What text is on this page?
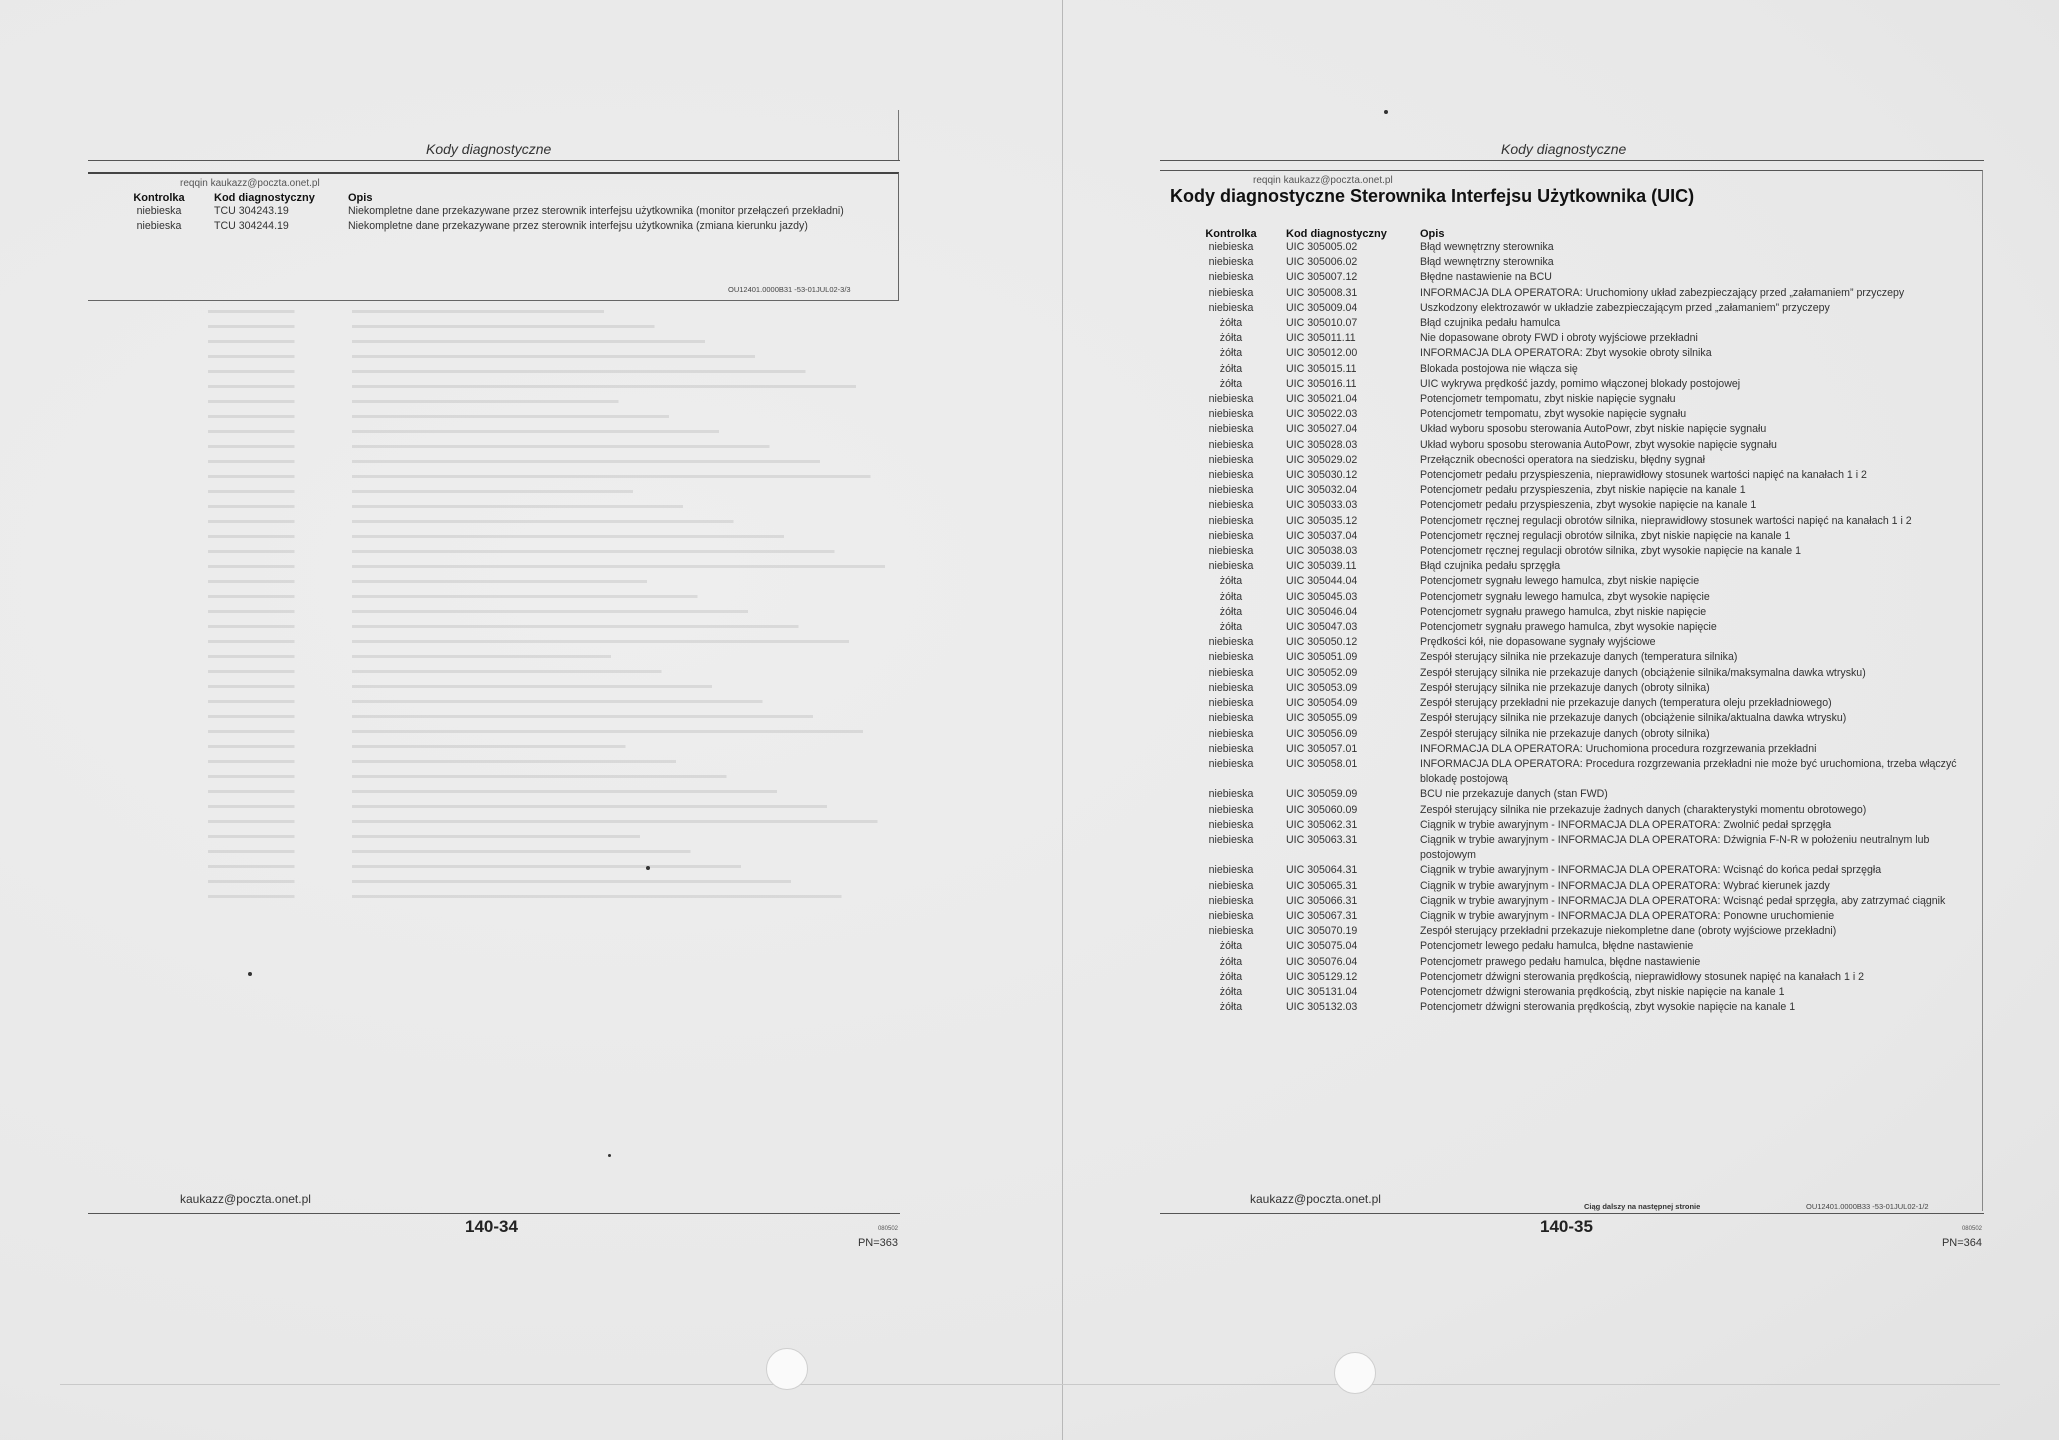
Kody diagnostyczne
reqqin kaukazz@poczta.onet.pl
Kontrolka	Kod diagnostyczny	Opis
niebieska	TCU 304243.19	Niekompletne dane przekazywane przez sterownik interfejsu użytkownika (monitor przełączeń przekładni)
niebieska	TCU 304244.19	Niekompletne dane przekazywane przez sterownik interfejsu użytkownika (zmiana kierunku jazdy)
OU12401.0000B31 -53-01JUL02-3/3
kaukazz@poczta.onet.pl
140-34	080502
PN=363
Kody diagnostyczne
reqqin kaukazz@poczta.onet.pl
Kody diagnostyczne Sterownika Interfejsu Użytkownika (UIC)
Kontrolka	Kod diagnostyczny	Opis
niebieska	UIC 305005.02	Błąd wewnętrzny sterownika
niebieska	UIC 305006.02	Błąd wewnętrzny sterownika
niebieska	UIC 305007.12	Błędne nastawienie na BCU
niebieska	UIC 305008.31	INFORMACJA DLA OPERATORA: Uruchomiony układ zabezpieczający przed „załamaniem” przyczepy
niebieska	UIC 305009.04	Uszkodzony elektrozawór w układzie zabezpieczającym przed „załamaniem” przyczepy
żółta	UIC 305010.07	Błąd czujnika pedału hamulca
żółta	UIC 305011.11	Nie dopasowane obroty FWD i obroty wyjściowe przekładni
żółta	UIC 305012.00	INFORMACJA DLA OPERATORA: Zbyt wysokie obroty silnika
żółta	UIC 305015.11	Blokada postojowa nie włącza się
żółta	UIC 305016.11	UIC wykrywa prędkość jazdy, pomimo włączonej blokady postojowej
niebieska	UIC 305021.04	Potencjometr tempomatu, zbyt niskie napięcie sygnału
niebieska	UIC 305022.03	Potencjometr tempomatu, zbyt wysokie napięcie sygnału
niebieska	UIC 305027.04	Układ wyboru sposobu sterowania AutoPowr, zbyt niskie napięcie sygnału
niebieska	UIC 305028.03	Układ wyboru sposobu sterowania AutoPowr, zbyt wysokie napięcie sygnału
niebieska	UIC 305029.02	Przełącznik obecności operatora na siedzisku, błędny sygnał
niebieska	UIC 305030.12	Potencjometr pedału przyspieszenia, nieprawidłowy stosunek wartości napięć na kanałach 1 i 2
niebieska	UIC 305032.04	Potencjometr pedału przyspieszenia, zbyt niskie napięcie na kanale 1
niebieska	UIC 305033.03	Potencjometr pedału przyspieszenia, zbyt wysokie napięcie na kanale 1
niebieska	UIC 305035.12	Potencjometr ręcznej regulacji obrotów silnika, nieprawidłowy stosunek wartości napięć na kanałach 1 i 2
niebieska	UIC 305037.04	Potencjometr ręcznej regulacji obrotów silnika, zbyt niskie napięcie na kanale 1
niebieska	UIC 305038.03	Potencjometr ręcznej regulacji obrotów silnika, zbyt wysokie napięcie na kanale 1
niebieska	UIC 305039.11	Błąd czujnika pedału sprzęgła
żółta	UIC 305044.04	Potencjometr sygnału lewego hamulca, zbyt niskie napięcie
żółta	UIC 305045.03	Potencjometr sygnału lewego hamulca, zbyt wysokie napięcie
żółta	UIC 305046.04	Potencjometr sygnału prawego hamulca, zbyt niskie napięcie
żółta	UIC 305047.03	Potencjometr sygnału prawego hamulca, zbyt wysokie napięcie
niebieska	UIC 305050.12	Prędkości kół, nie dopasowane sygnały wyjściowe
niebieska	UIC 305051.09	Zespół sterujący silnika nie przekazuje danych (temperatura silnika)
niebieska	UIC 305052.09	Zespół sterujący silnika nie przekazuje danych (obciążenie silnika/maksymalna dawka wtrysku)
niebieska	UIC 305053.09	Zespół sterujący silnika nie przekazuje danych (obroty silnika)
niebieska	UIC 305054.09	Zespół sterujący przekładni nie przekazuje danych (temperatura oleju przekładniowego)
niebieska	UIC 305055.09	Zespół sterujący silnika nie przekazuje danych (obciążenie silnika/aktualna dawka wtrysku)
niebieska	UIC 305056.09	Zespół sterujący silnika nie przekazuje danych (obroty silnika)
niebieska	UIC 305057.01	INFORMACJA DLA OPERATORA: Uruchomiona procedura rozgrzewania przekładni
niebieska	UIC 305058.01	INFORMACJA DLA OPERATORA: Procedura rozgrzewania przekładni nie może być uruchomiona, trzeba włączyć blokadę postojową
niebieska	UIC 305059.09	BCU nie przekazuje danych (stan FWD)
niebieska	UIC 305060.09	Zespół sterujący silnika nie przekazuje żadnych danych (charakterystyki momentu obrotowego)
niebieska	UIC 305062.31	Ciągnik w trybie awaryjnym - INFORMACJA DLA OPERATORA: Zwolnić pedał sprzęgła
niebieska	UIC 305063.31	Ciągnik w trybie awaryjnym - INFORMACJA DLA OPERATORA: Dźwignia F-N-R w położeniu neutralnym lub postojowym
niebieska	UIC 305064.31	Ciągnik w trybie awaryjnym - INFORMACJA DLA OPERATORA: Wcisnąć do końca pedał sprzęgła
niebieska	UIC 305065.31	Ciągnik w trybie awaryjnym - INFORMACJA DLA OPERATORA: Wybrać kierunek jazdy
niebieska	UIC 305066.31	Ciągnik w trybie awaryjnym - INFORMACJA DLA OPERATORA: Wcisnąć pedał sprzęgła, aby zatrzymać ciągnik
niebieska	UIC 305067.31	Ciągnik w trybie awaryjnym - INFORMACJA DLA OPERATORA: Ponowne uruchomienie
niebieska	UIC 305070.19	Zespół sterujący przekładni przekazuje niekompletne dane (obroty wyjściowe przekładni)
żółta	UIC 305075.04	Potencjometr lewego pedału hamulca, błędne nastawienie
żółta	UIC 305076.04	Potencjometr prawego pedału hamulca, błędne nastawienie
żółta	UIC 305129.12	Potencjometr dźwigni sterowania prędkością, nieprawidłowy stosunek napięć na kanałach 1 i 2
żółta	UIC 305131.04	Potencjometr dźwigni sterowania prędkością, zbyt niskie napięcie na kanale 1
żółta	UIC 305132.03	Potencjometr dźwigni sterowania prędkością, zbyt wysokie napięcie na kanale 1
kaukazz@poczta.onet.pl
Ciąg dalszy na następnej stronie	OU12401.0000B33 -53-01JUL02-1/2
140-35	080502
PN=364
